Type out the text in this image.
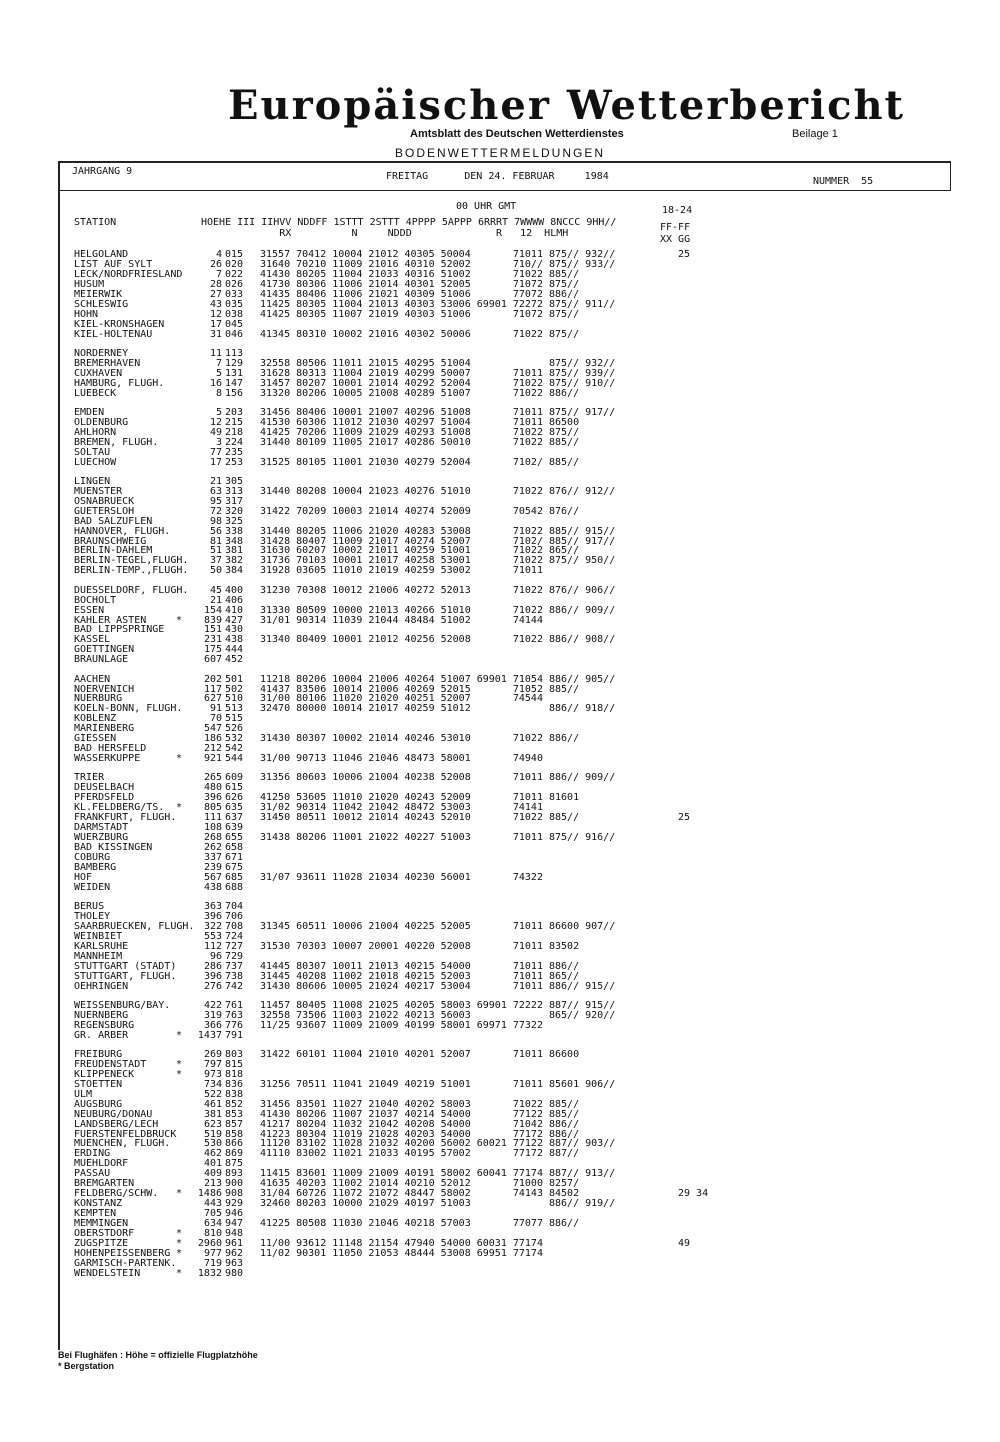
Europäischer Wetterbericht
Amtsblatt des Deutschen Wetterdienstes	Beilage 1
BODENWETTERMELDUNGEN
JAHRGANG 9	FREITAG      DEN 24. FEBRUAR     1984	NUMMER  55
00 UHR GMT	18-24
STATION	HOEHE III IIHVV NDDFF 1STTT 2STTT 4PPPP 5APPP 6RRRT 7WWWW 8NCCC 9HH//
RX          N     NDDD              R   12  HLMH
FF-FF
XX GG
HELGOLAND	4 015 31557 70412 10004 21012 40305 50004       71011 875// 932//	25
LIST AUF SYLT	26 020 31640 70210 11009 21016 40310 52002       710// 875// 933//
LECK/NORDFRIESLAND	7 022 41430 80205 11004 21033 40316 51002       71022 885//
HUSUM	28 026 41730 80306 11006 21014 40301 52005       71072 875//
MEIERWIK	27 033 41435 80406 11006 21021 40309 51006       77072 886//
SCHLESWIG	43 035 11425 80305 11004 21013 40303 53006 69901 72272 875// 911//
HOHN	12 038 41425 80305 11007 21019 40303 51006       71072 875//
KIEL-KRONSHAGEN	17 045
KIEL-HOLTENAU	31 046 41345 80310 10002 21016 40302 50006       71022 875//
NORDERNEY	11 113
BREMERHAVEN	7 129 32558 80506 11011 21015 40295 51004             875// 932//
CUXHAVEN	5 131 31628 80313 11004 21019 40299 50007       71011 875// 939//
HAMBURG, FLUGH.	16 147 31457 80207 10001 21014 40292 52004       71022 875// 910//
LUEBECK	8 156 31320 80206 10005 21008 40289 51007       71022 886//
EMDEN	5 203 31456 80406 10001 21007 40296 51008       71011 875// 917//
OLDENBURG	12 215 41530 60306 11012 21030 40297 51004       71011 86500
AHLHORN	49 218 41425 70206 11009 21029 40293 51008       71022 875//
BREMEN, FLUGH.	3 224 31440 80109 11005 21017 40286 50010       71022 885//
SOLTAU	77 235
LUECHOW	17 253 31525 80105 11001 21030 40279 52004       7102/ 885//
LINGEN	21 305
MUENSTER	63 313 31440 80208 10004 21023 40276 51010       71022 876// 912//
OSNABRUECK	95 317
GUETERSLOH	72 320 31422 70209 10003 21014 40274 52009       70542 876//
BAD SALZUFLEN	98 325
HANNOVER, FLUGH.	56 338 31440 80205 11006 21020 40283 53008       71022 885// 915//
BRAUNSCHWEIG	81 348 31428 80407 11009 21017 40274 52007       7102/ 885// 917//
BERLIN-DAHLEM	51 381 31630 60207 10002 21011 40259 51001       71022 865//
BERLIN-TEGEL,FLUGH.	37 382 31736 70103 10001 21017 40258 53001       71022 875// 950//
BERLIN-TEMP.,FLUGH.	50 384 31928 03605 11010 21019 40259 53002       71011
DUESSELDORF, FLUGH.	45 400 31230 70308 10012 21006 40272 52013       71022 876// 906//
BOCHOLT	21 406
ESSEN	154 410 31330 80509 10000 21013 40266 51010       71022 886// 909//
KAHLER ASTEN	*	839 427 31/01 90314 11039 21044 48484 51002       74144
BAD LIPPSPRINGE	151 430
KASSEL	231 438 31340 80409 10001 21012 40256 52008       71022 886// 908//
GOETTINGEN	175 444
BRAUNLAGE	607 452
AACHEN	202 501 11218 80206 10004 21006 40264 51007 69901 71054 886// 905//
NOERVENICH	117 502 41437 83506 10014 21006 40269 52015       71052 885//
NUERBURG	627 510 31/00 80106 11020 21020 40251 52007       74544
KOELN-BONN, FLUGH.	91 513 32470 80000 10014 21017 40259 51012             886// 918//
KOBLENZ	70 515
MARIENBERG	547 526
GIESSEN	186 532 31430 80307 10002 21014 40246 53010       71022 886//
BAD HERSFELD	212 542
WASSERKUPPE	*	921 544 31/00 90713 11046 21046 48473 58001       74940
TRIER	265 609 31356 80603 10006 21004 40238 52008       71011 886// 909//
DEUSELBACH	480 615
PFERDSFELD	396 626 41250 53605 11010 21020 40243 52009       71011 81601
KL.FELDBERG/TS. *	805 635 31/02 90314 11042 21042 48472 53003       74141
FRANKFURT, FLUGH.	111 637 31450 80511 10012 21014 40243 52010       71022 885//	25
DARMSTADT	108 639
WUERZBURG	268 655 31438 80206 11001 21022 40227 51003       71011 875// 916//
BAD KISSINGEN	262 658
COBURG	337 671
BAMBERG	239 675
HOF	567 685 31/07 93611 11028 21034 40230 56001       74322
WEIDEN	438 688
BERUS	363 704
THOLEY	396 706
SAARBRUECKEN, FLUGH. 322 708 31345 60511 10006 21004 40225 52005       71011 86600 907//
WEINBIET	553 724
KARLSRUHE	112 727 31530 70303 10007 20001 40220 52008       71011 83502
MANNHEIM	96 729
STUTTGART (STADT)	286 737 41445 80307 10011 21013 40215 54000       71011 886//
STUTTGART, FLUGH.	396 738 31445 40208 11002 21018 40215 52003       71011 865//
OEHRINGEN	276 742 31430 80606 10005 21024 40217 53004       71011 886// 915//
WEISSENBURG/BAY.	422 761 11457 80405 11008 21025 40205 58003 69901 72222 887// 915//
NUERNBERG	319 763 32558 73506 11003 21022 40213 56003             865// 920//
REGENSBURG	366 776 11/25 93607 11009 21009 40199 58001 69971 77322
GR. ARBER	*	1437 791
FREIBURG	269 803 31422 60101 11004 21010 40201 52007       71011 86600
FREUDENSTADT	*	797 815
KLIPPENECK	*	973 818
STOETTEN	734 836 31256 70511 11041 21049 40219 51001       71011 85601 906//
ULM	522 838
AUGSBURG	461 852 31456 83501 11027 21040 40202 58003       71022 885//
NEUBURG/DONAU	381 853 41430 80206 11007 21037 40214 54000       77122 885//
LANDSBERG/LECH	623 857 41217 80204 11032 21042 40208 54000       71042 886//
FUERSTENFELDBRUCK	519 858 41223 80304 11019 21028 40203 54000       77172 886//
MUENCHEN, FLUGH.	530 866 11120 83102 11028 21032 40200 56002 60021 77122 887// 903//
ERDING	462 869 41110 83002 11021 21033 40195 57002       77172 887//
MUEHLDORF	401 875
PASSAU	409 893 11415 83601 11009 21009 40191 58002 60041 77174 887// 913//
BREMGARTEN	213 900 41635 40203 11002 21014 40210 52012       71000 8257/
FELDBERG/SCHW. *	1486 908 31/04 60726 11072 21072 48447 58002       74143 84502	29 34
KONSTANZ	443 929 32460 80203 10000 21029 40197 51003             886// 919//
KEMPTEN	705 946
MEMMINGEN	634 947 41225 80508 11030 21046 40218 57003       77077 886//
OBERSTDORF	*	810 948
ZUGSPITZE	*	2960 961 11/00 93612 11148 21154 47940 54000 60031 77174	49
HOHENPEISSENBERG *	977 962 11/02 90301 11050 21053 48444 53008 69951 77174
GARMISCH-PARTENK.	719 963
WENDELSTEIN	*	1832 980
Bei Flughäfen : Höhe = offizielle Flugplatzhöhe
* Bergstation
